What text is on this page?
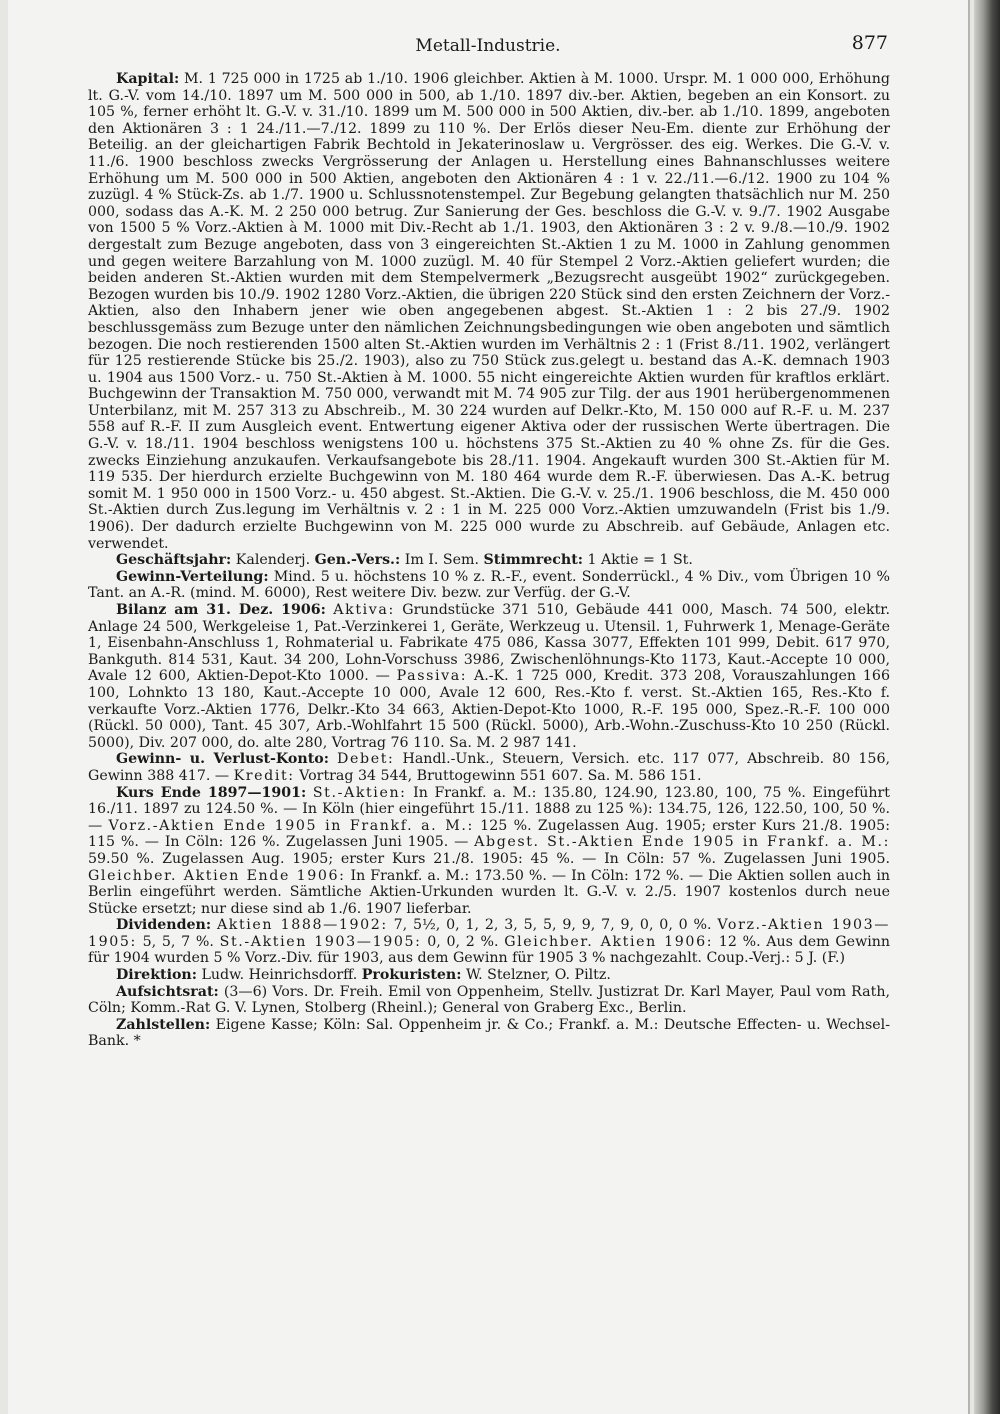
Metall-Industrie.	877

Kapital: M. 1 725 000 in 1725 ab 1./10. 1906 gleichber. Aktien à M. 1000. Urspr. M. 1 000 000, Erhöhung lt. G.-V. vom 14./10. 1897 um M. 500 000 in 500, ab 1./10. 1897 div.-ber. Aktien, begeben an ein Konsort. zu 105 %, ferner erhöht lt. G.-V. v. 31./10. 1899 um M. 500 000 in 500 Aktien, div.-ber. ab 1./10. 1899, angeboten den Aktionären 3 : 1 24./11.—7./12. 1899 zu 110 %. Der Erlös dieser Neu-Em. diente zur Erhöhung der Beteilig. an der gleichartigen Fabrik Bechtold in Jekaterinoslaw u. Vergrösser. des eig. Werkes. Die G.-V. v. 11./6. 1900 beschloss zwecks Vergrösserung der Anlagen u. Herstellung eines Bahnanschlusses weitere Erhöhung um M. 500 000 in 500 Aktien, angeboten den Aktionären 4 : 1 v. 22./11.—6./12. 1900 zu 104 % zuzügl. 4 % Stück-Zs. ab 1./7. 1900 u. Schlussnotenstempel. Zur Begebung gelangten thatsächlich nur M. 250 000, sodass das A.-K. M. 2 250 000 betrug. Zur Sanierung der Ges. beschloss die G.-V. v. 9./7. 1902 Ausgabe von 1500 5 % Vorz.-Aktien à M. 1000 mit Div.-Recht ab 1./1. 1903, den Aktionären 3 : 2 v. 9./8.—10./9. 1902 dergestalt zum Bezuge angeboten, dass von 3 eingereichten St.-Aktien 1 zu M. 1000 in Zahlung genommen und gegen weitere Barzahlung von M. 1000 zuzügl. M. 40 für Stempel 2 Vorz.-Aktien geliefert wurden; die beiden anderen St.-Aktien wurden mit dem Stempelvermerk „Bezugsrecht ausgeübt 1902“ zurückgegeben. Bezogen wurden bis 10./9. 1902 1280 Vorz.-Aktien, die übrigen 220 Stück sind den ersten Zeichnern der Vorz.-Aktien, also den Inhabern jener wie oben angegebenen abgest. St.-Aktien 1 : 2 bis 27./9. 1902 beschlussgemäss zum Bezuge unter den nämlichen Zeichnungsbedingungen wie oben angeboten und sämtlich bezogen. Die noch restierenden 1500 alten St.-Aktien wurden im Verhältnis 2 : 1 (Frist 8./11. 1902, verlängert für 125 restierende Stücke bis 25./2. 1903), also zu 750 Stück zus.gelegt u. bestand das A.-K. demnach 1903 u. 1904 aus 1500 Vorz.- u. 750 St.-Aktien à M. 1000. 55 nicht eingereichte Aktien wurden für kraftlos erklärt. Buchgewinn der Transaktion M. 750 000, verwandt mit M. 74 905 zur Tilg. der aus 1901 herübergenommenen Unterbilanz, mit M. 257 313 zu Abschreib., M. 30 224 wurden auf Delkr.-Kto, M. 150 000 auf R.-F. u. M. 237 558 auf R.-F. II zum Ausgleich event. Entwertung eigener Aktiva oder der russischen Werte übertragen. Die G.-V. v. 18./11. 1904 beschloss wenigstens 100 u. höchstens 375 St.-Aktien zu 40 % ohne Zs. für die Ges. zwecks Einziehung anzukaufen. Verkaufsangebote bis 28./11. 1904. Angekauft wurden 300 St.-Aktien für M. 119 535. Der hierdurch erzielte Buchgewinn von M. 180 464 wurde dem R.-F. überwiesen. Das A.-K. betrug somit M. 1 950 000 in 1500 Vorz.- u. 450 abgest. St.-Aktien. Die G.-V. v. 25./1. 1906 beschloss, die M. 450 000 St.-Aktien durch Zus.legung im Verhältnis v. 2 : 1 in M. 225 000 Vorz.-Aktien umzuwandeln (Frist bis 1./9. 1906). Der dadurch erzielte Buchgewinn von M. 225 000 wurde zu Abschreib. auf Gebäude, Anlagen etc. verwendet.

Geschäftsjahr: Kalenderj. Gen.-Vers.: Im I. Sem. Stimmrecht: 1 Aktie = 1 St.

Gewinn-Verteilung: Mind. 5 u. höchstens 10 % z. R.-F., event. Sonderrückl., 4 % Div., vom Übrigen 10 % Tant. an A.-R. (mind. M. 6000), Rest weitere Div. bezw. zur Verfüg. der G.-V.

Bilanz am 31. Dez. 1906: Aktiva: Grundstücke 371 510, Gebäude 441 000, Masch. 74 500, elektr. Anlage 24 500, Werkgeleise 1, Pat.-Verzinkerei 1, Geräte, Werkzeug u. Utensil. 1, Fuhrwerk 1, Menage-Geräte 1, Eisenbahn-Anschluss 1, Rohmaterial u. Fabrikate 475 086, Kassa 3077, Effekten 101 999, Debit. 617 970, Bankguth. 814 531, Kaut. 34 200, Lohn-Vorschuss 3986, Zwischenlöhnungs-Kto 1173, Kaut.-Accepte 10 000, Avale 12 600, Aktien-Depot-Kto 1000. — Passiva: A.-K. 1 725 000, Kredit. 373 208, Vorauszahlungen 166 100, Lohnkto 13 180, Kaut.-Accepte 10 000, Avale 12 600, Res.-Kto f. verst. St.-Aktien 165, Res.-Kto f. verkaufte Vorz.-Aktien 1776, Delkr.-Kto 34 663, Aktien-Depot-Kto 1000, R.-F. 195 000, Spez.-R.-F. 100 000 (Rückl. 50 000), Tant. 45 307, Arb.-Wohlfahrt 15 500 (Rückl. 5000), Arb.-Wohn.-Zuschuss-Kto 10 250 (Rückl. 5000), Div. 207 000, do. alte 280, Vortrag 76 110. Sa. M. 2 987 141.

Gewinn- u. Verlust-Konto: Debet: Handl.-Unk., Steuern, Versich. etc. 117 077, Abschreib. 80 156, Gewinn 388 417. — Kredit: Vortrag 34 544, Bruttogewinn 551 607. Sa. M. 586 151.

Kurs Ende 1897—1901: St.-Aktien: In Frankf. a. M.: 135.80, 124.90, 123.80, 100, 75 %. Eingeführt 16./11. 1897 zu 124.50 %. — In Köln (hier eingeführt 15./11. 1888 zu 125 %): 134.75, 126, 122.50, 100, 50 %. — Vorz.-Aktien Ende 1905 in Frankf. a. M.: 125 %. Zugelassen Aug. 1905; erster Kurs 21./8. 1905: 115 %. — In Cöln: 126 %. Zugelassen Juni 1905. — Abgest. St.-Aktien Ende 1905 in Frankf. a. M.: 59.50 %. Zugelassen Aug. 1905; erster Kurs 21./8. 1905: 45 %. — In Cöln: 57 %. Zugelassen Juni 1905. Gleichber. Aktien Ende 1906: In Frankf. a. M.: 173.50 %. — In Cöln: 172 %. — Die Aktien sollen auch in Berlin eingeführt werden. Sämtliche Aktien-Urkunden wurden lt. G.-V. v. 2./5. 1907 kostenlos durch neue Stücke ersetzt; nur diese sind ab 1./6. 1907 lieferbar.

Dividenden: Aktien 1888—1902: 7, 5½, 0, 1, 2, 3, 5, 5, 9, 9, 7, 9, 0, 0, 0 %. Vorz.-Aktien 1903—1905: 5, 5, 7 %. St.-Aktien 1903—1905: 0, 0, 2 %. Gleichber. Aktien 1906: 12 %. Aus dem Gewinn für 1904 wurden 5 % Vorz.-Div. für 1903, aus dem Gewinn für 1905 3 % nachgezahlt. Coup.-Verj.: 5 J. (F.)

Direktion: Ludw. Heinrichsdorff. Prokuristen: W. Stelzner, O. Piltz.

Aufsichtsrat: (3—6) Vors. Dr. Freih. Emil von Oppenheim, Stellv. Justizrat Dr. Karl Mayer, Paul vom Rath, Cöln; Komm.-Rat G. V. Lynen, Stolberg (Rheinl.); General von Graberg Exc., Berlin.

Zahlstellen: Eigene Kasse; Köln: Sal. Oppenheim jr. & Co.; Frankf. a. M.: Deutsche Effecten- u. Wechsel-Bank. *
